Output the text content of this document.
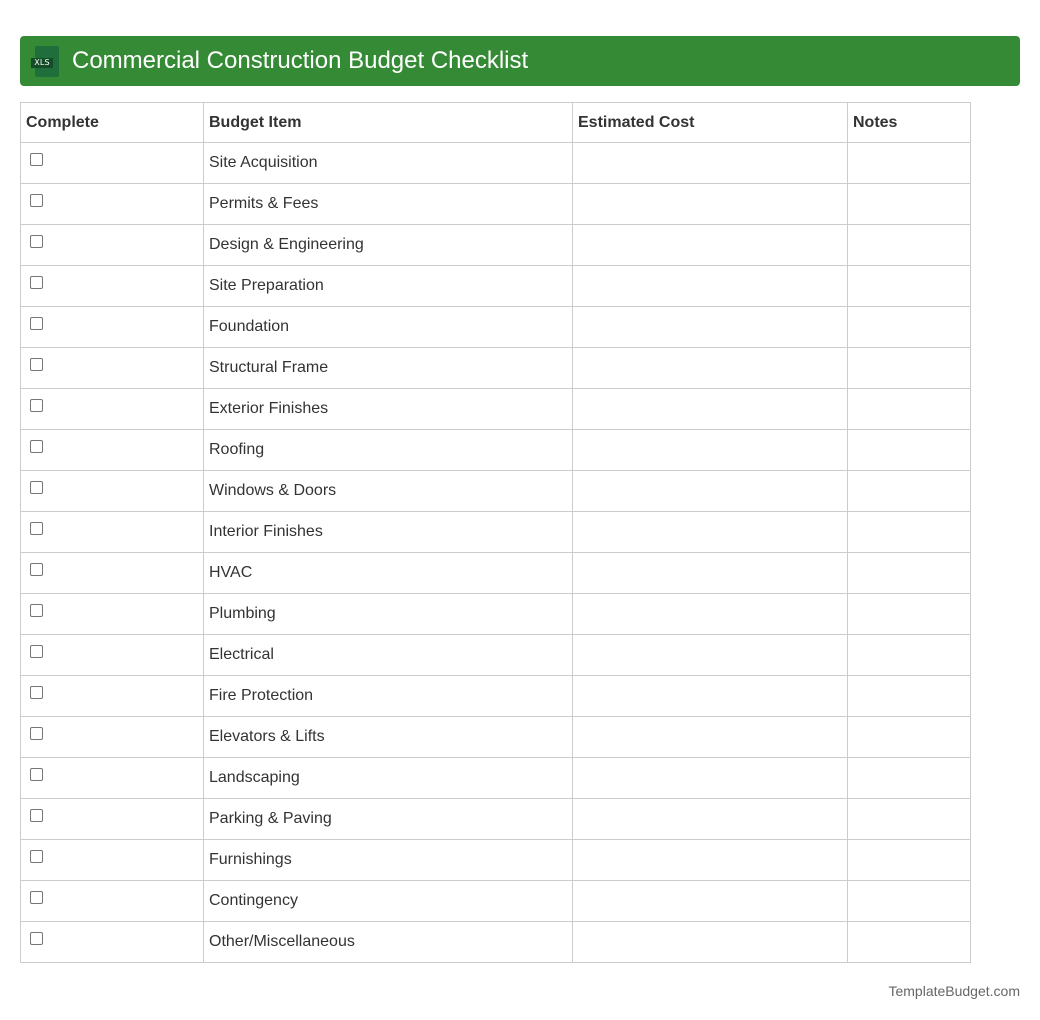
XLS Commercial Construction Budget Checklist
Complete	Budget Item	Estimated Cost	Notes
	Site Acquisition		
	Permits & Fees		
	Design & Engineering		
	Site Preparation		
	Foundation		
	Structural Frame		
	Exterior Finishes		
	Roofing		
	Windows & Doors		
	Interior Finishes		
	HVAC		
	Plumbing		
	Electrical		
	Fire Protection		
	Elevators & Lifts		
	Landscaping		
	Parking & Paving		
	Furnishings		
	Contingency		
	Other/Miscellaneous		
TemplateBudget.com
